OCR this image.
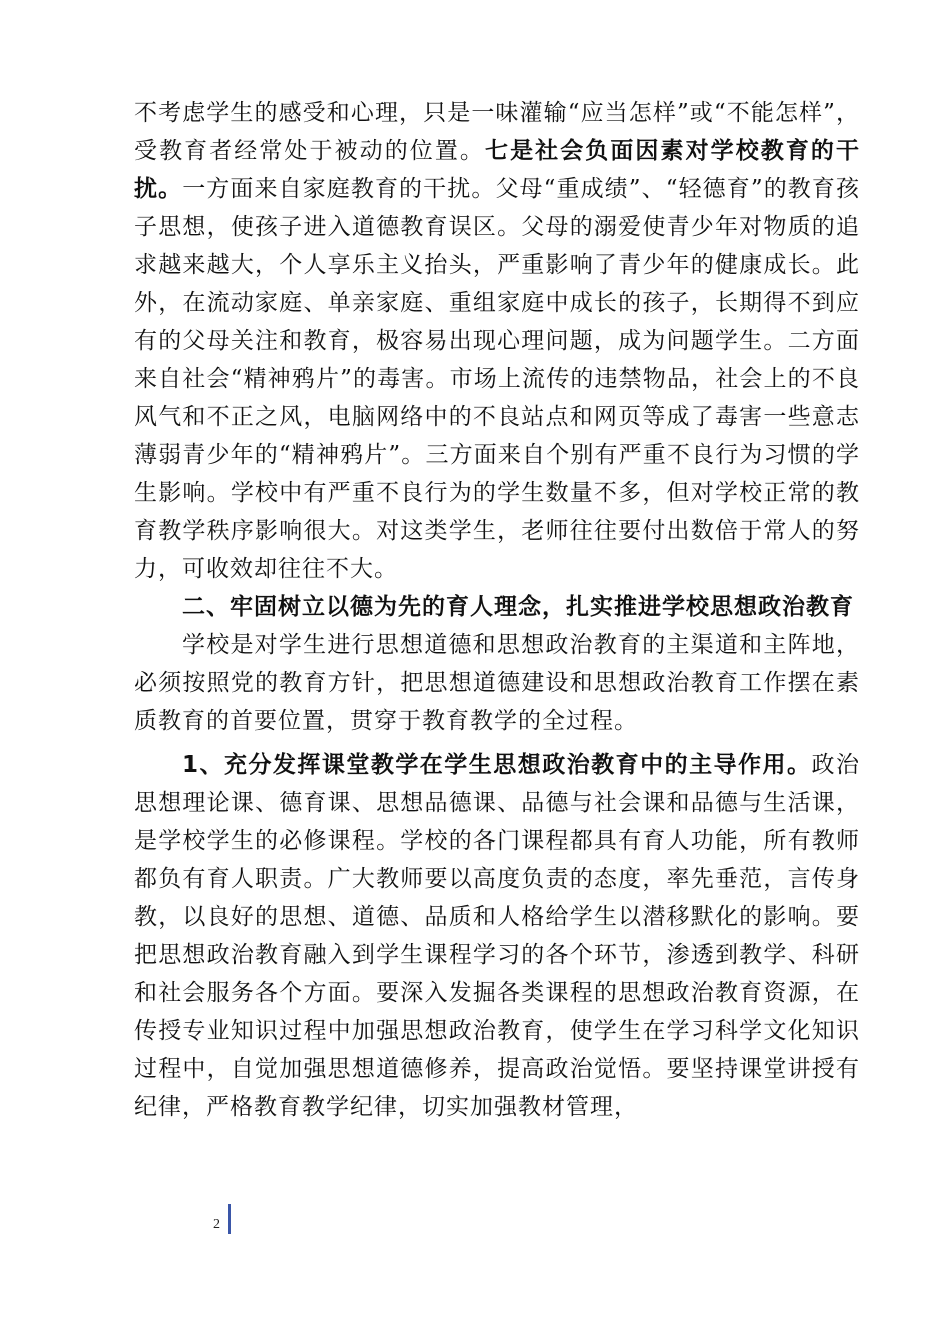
不考虑学生的感受和心理，只是一味灌输“应当怎样”或“不能怎样”，受教育者经常处于被动的位置。七是社会负面因素对学校教育的干扰。一方面来自家庭教育的干扰。父母“重成绩”、“轻德育”的教育孩子思想，使孩子进入道德教育误区。父母的溺爱使青少年对物质的追求越来越大，个人享乐主义抬头，严重影响了青少年的健康成长。此外，在流动家庭、单亲家庭、重组家庭中成长的孩子，长期得不到应有的父母关注和教育，极容易出现心理问题，成为问题学生。二方面来自社会“精神鸦片”的毒害。市场上流传的违禁物品，社会上的不良风气和不正之风，电脑网络中的不良站点和网页等成了毒害一些意志薄弱青少年的“精神鸦片”。三方面来自个别有严重不良行为习惯的学生影响。学校中有严重不良行为的学生数量不多，但对学校正常的教育教学秩序影响很大。对这类学生，老师往往要付出数倍于常人的努力，可收效却往往不大。

二、牢固树立以德为先的育人理念，扎实推进学校思想政治教育

学校是对学生进行思想道德和思想政治教育的主渠道和主阵地，必须按照党的教育方针，把思想道德建设和思想政治教育工作摆在素质教育的首要位置，贯穿于教育教学的全过程。

1、充分发挥课堂教学在学生思想政治教育中的主导作用。政治思想理论课、德育课、思想品德课、品德与社会课和品德与生活课，是学校学生的必修课程。学校的各门课程都具有育人功能，所有教师都负有育人职责。广大教师要以高度负责的态度，率先垂范，言传身教，以良好的思想、道德、品质和人格给学生以潜移默化的影响。要把思想政治教育融入到学生课程学习的各个环节，渗透到教学、科研和社会服务各个方面。要深入发掘各类课程的思想政治教育资源，在传授专业知识过程中加强思想政治教育，使学生在学习科学文化知识过程中，自觉加强思想道德修养，提高政治觉悟。要坚持课堂讲授有纪律，严格教育教学纪律，切实加强教材管理，

2
